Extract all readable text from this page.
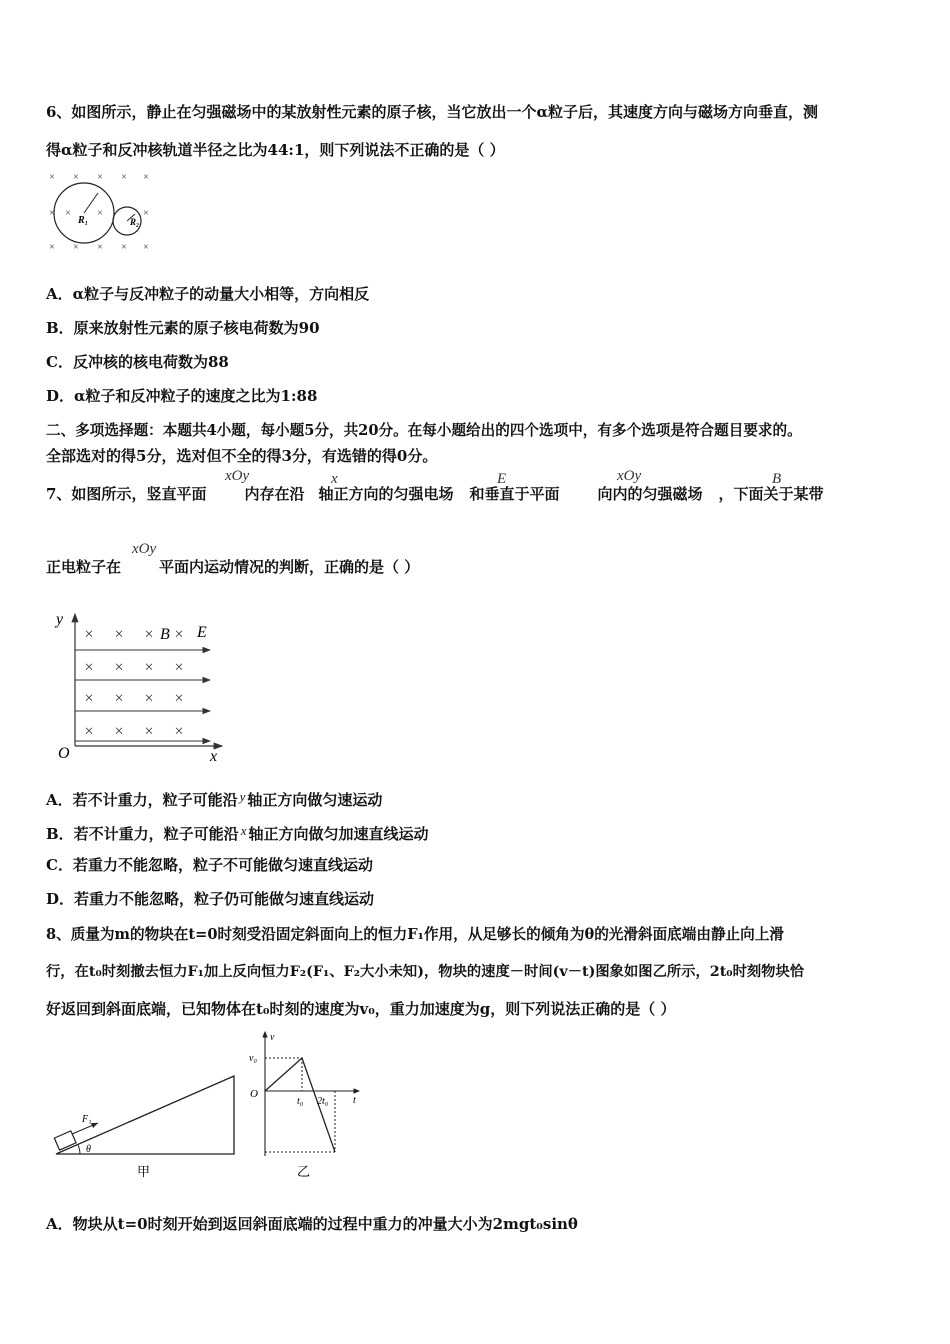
6、如图所示，静止在匀强磁场中的某放射性元素的原子核，当它放出一个α粒子后，其速度方向与磁场方向垂直，测
得α粒子和反冲核轨道半径之比为44:1，则下列说法不正确的是（ ）
× × × × ×
× ×	×	×
× × × × ×
R₁	R₂
A．α粒子与反冲粒子的动量大小相等，方向相反
B．原来放射性元素的原子核电荷数为90
C．反冲核的核电荷数为88
D．α粒子和反冲粒子的速度之比为1:88
二、多项选择题：本题共4小题，每小题5分，共20分。在每小题给出的四个选项中，有多个选项是符合题目要求的。
全部选对的得5分，选对但不全的得3分，有选错的得0分。
7、如图所示，竖直平面	内存在沿 轴正方向的匀强电场 和垂直于平面	向内的匀强磁场 ，下面关于某带
xOy	x	E	xOy	B
正电粒子在	平面内运动情况的判断，正确的是（ ）
xOy
y
x
O
× × × ×
× × × ×
× × × ×
× × × ×
B E
A．若不计重力，粒子可能沿 y 轴正方向做匀速运动
B．若不计重力，粒子可能沿 x 轴正方向做匀加速直线运动
C．若重力不能忽略，粒子不可能做匀速直线运动
D．若重力不能忽略，粒子仍可能做匀速直线运动
8、质量为m的物块在t=0时刻受沿固定斜面向上的恒力F₁作用，从足够长的倾角为θ的光滑斜面底端由静止向上滑
行，在t₀时刻撤去恒力F₁加上反向恒力F₂(F₁、F₂大小未知)，物块的速度－时间(v－t)图象如图乙所示，2t₀时刻物块恰
好返回到斜面底端，已知物体在t₀时刻的速度为v₀，重力加速度为g，则下列说法正确的是（ ）
F₁
θ
甲
v
v₀
O
t₀ 2t₀ t
乙
A．物块从t=0时刻开始到返回斜面底端的过程中重力的冲量大小为2mgt₀sinθ
